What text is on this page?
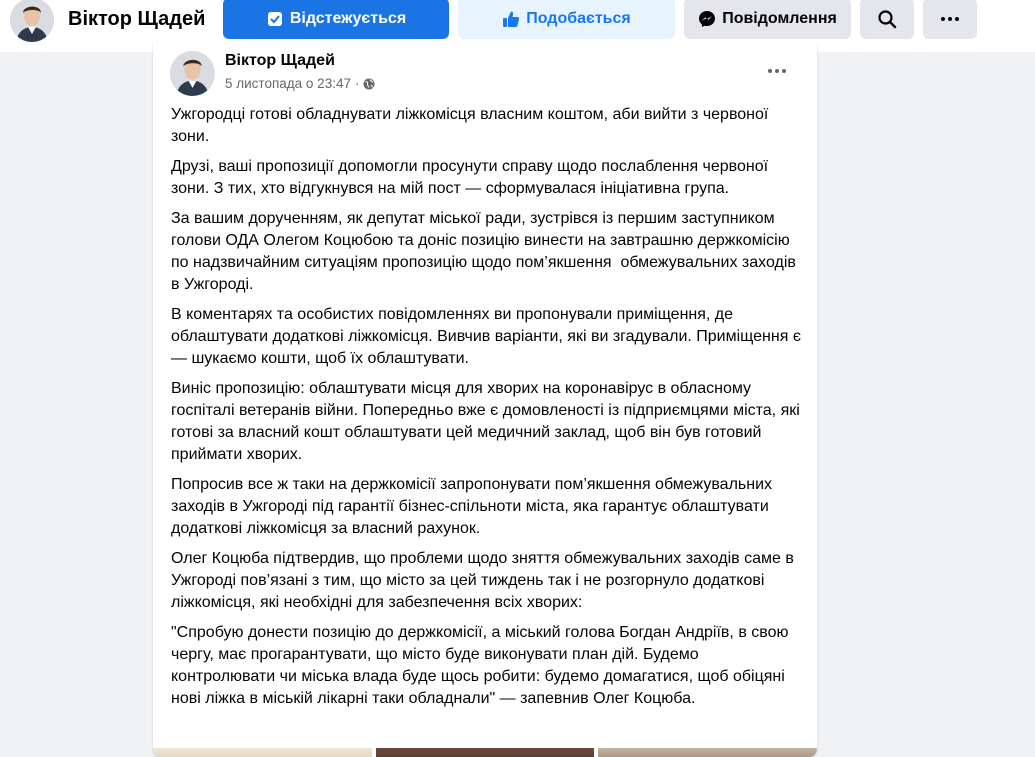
Віктор Щадей	Відстежується	Подобається	Повідомлення
Віктор Щадей
5 листопада о 23:47 ·

Ужгородці готові обладнувати ліжкомісця власним коштом, аби вийти з червоної зони.

Друзі, ваші пропозиції допомогли просунути справу щодо послаблення червоної зони. З тих, хто відгукнувся на мій пост — сформувалася ініціативна група.

За вашим дорученням, як депутат міської ради, зустрівся із першим заступником голови ОДА Олегом Коцюбою та доніс позицію винести на завтрашню держкомісію по надзвичайним ситуаціям пропозицію щодо пом’якшення  обмежувальних заходів в Ужгороді.

В коментарях та особистих повідомленнях ви пропонували приміщення, де облаштувати додаткові ліжкомісця. Вивчив варіанти, які ви згадували. Приміщення є — шукаємо кошти, щоб їх облаштувати.

Виніс пропозицію: облаштувати місця для хворих на коронавірус в обласному госпіталі ветеранів війни. Попередньо вже є домовленості із підприємцями міста, які готові за власний кошт облаштувати цей медичний заклад, щоб він був готовий приймати хворих.

Попросив все ж таки на держкомісії запропонувати пом’якшення обмежувальних заходів в Ужгороді під гарантії бізнес-спільноти міста, яка гарантує облаштувати  додаткові ліжкомісця за власний рахунок.

Олег Коцюба підтвердив, що проблеми щодо зняття обмежувальних заходів саме в Ужгороді пов’язані з тим, що місто за цей тиждень так і не розгорнуло додаткові ліжкомісця, які необхідні для забезпечення всіх хворих:

"Спробую донести позицію до держкомісії, а міський голова Богдан Андріїв, в свою чергу, має прогарантувати, що місто буде виконувати план дій. Будемо контролювати чи міська влада буде щось робити: будемо домагатися, щоб обіцяні нові ліжка в міській лікарні таки обладнали" — запевнив Олег Коцюба.
